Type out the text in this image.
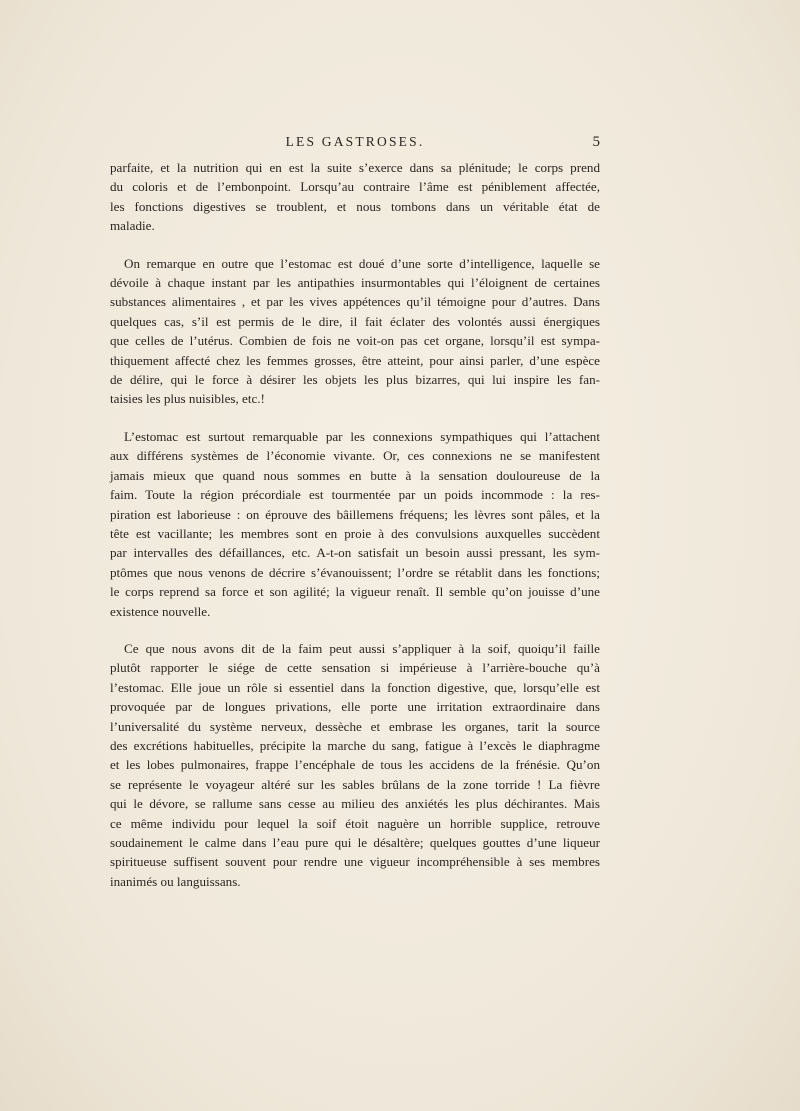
LES GASTROSES.	5
parfaite, et la nutrition qui en est la suite s’exerce dans sa plénitude; le corps prend
du coloris et de l’embonpoint. Lorsqu’au contraire l’âme est péniblement affectée,
les fonctions digestives se troublent, et nous tombons dans un véritable état de
maladie.
On remarque en outre que l’estomac est doué d’une sorte d’intelligence, laquelle se
dévoile à chaque instant par les antipathies insurmontables qui l’éloignent de certaines
substances alimentaires , et par les vives appétences qu’il témoigne pour d’autres. Dans
quelques cas, s’il est permis de le dire, il fait éclater des volontés aussi énergiques
que celles de l’utérus. Combien de fois ne voit-on pas cet organe, lorsqu’il est sympa-
thiquement affecté chez les femmes grosses, être atteint, pour ainsi parler, d’une espèce
de délire, qui le force à désirer les objets les plus bizarres, qui lui inspire les fan-
taisies les plus nuisibles, etc.!
L’estomac est surtout remarquable par les connexions sympathiques qui l’attachent
aux différens systèmes de l’économie vivante. Or, ces connexions ne se manifestent
jamais mieux que quand nous sommes en butte à la sensation douloureuse de la
faim. Toute la région précordiale est tourmentée par un poids incommode : la res-
piration est laborieuse : on éprouve des bâillemens fréquens; les lèvres sont pâles, et la
tête est vacillante; les membres sont en proie à des convulsions auxquelles succèdent
par intervalles des défaillances, etc. A-t-on satisfait un besoin aussi pressant, les sym-
ptômes que nous venons de décrire s’évanouissent; l’ordre se rétablit dans les fonctions;
le corps reprend sa force et son agilité; la vigueur renaît. Il semble qu’on jouisse d’une
existence nouvelle.
Ce que nous avons dit de la faim peut aussi s’appliquer à la soif, quoiqu’il faille
plutôt rapporter le siége de cette sensation si impérieuse à l’arrière-bouche qu’à
l’estomac. Elle joue un rôle si essentiel dans la fonction digestive, que, lorsqu’elle est
provoquée par de longues privations, elle porte une irritation extraordinaire dans
l’universalité du système nerveux, dessèche et embrase les organes, tarit la source
des excrétions habituelles, précipite la marche du sang, fatigue à l’excès le diaphragme
et les lobes pulmonaires, frappe l’encéphale de tous les accidens de la frénésie. Qu’on
se représente le voyageur altéré sur les sables brûlans de la zone torride ! La fièvre
qui le dévore, se rallume sans cesse au milieu des anxiétés les plus déchirantes. Mais
ce même individu pour lequel la soif étoit naguère un horrible supplice, retrouve
soudainement le calme dans l’eau pure qui le désaltère; quelques gouttes d’une liqueur
spiritueuse suffisent souvent pour rendre une vigueur incompréhensible à ses membres
inanimés ou languissans.
